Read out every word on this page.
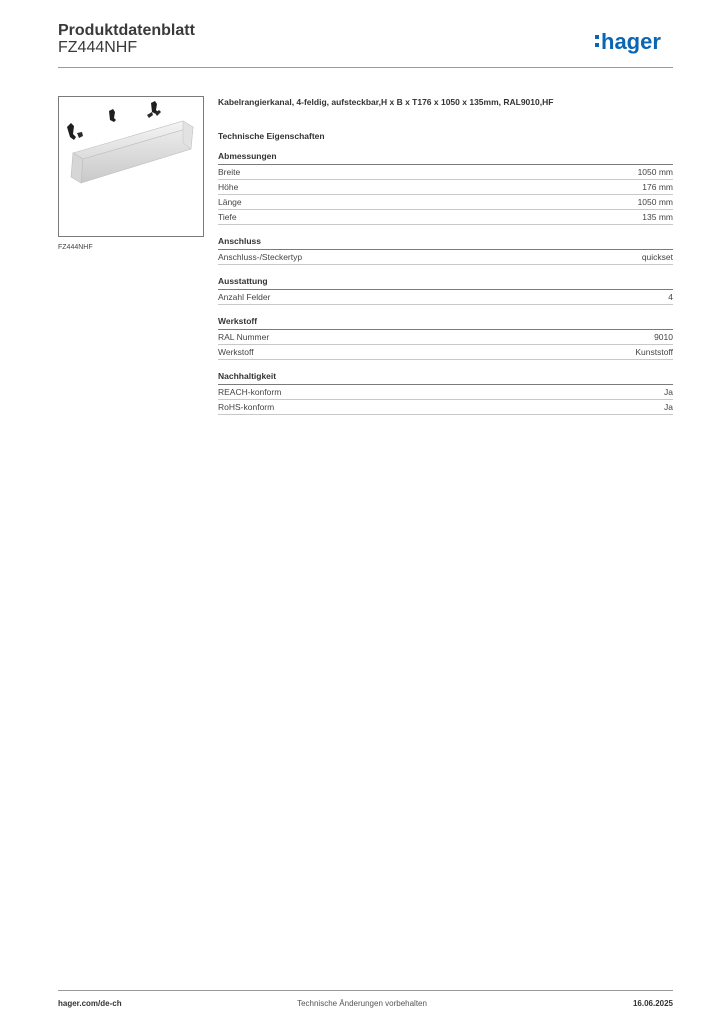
Produktdatenblatt
FZ444NHF	hager
FZ444NHF
Kabelrangierkanal, 4-feldig, aufsteckbar,H x B x T176 x 1050 x 135mm, RAL9010,HF
Technische Eigenschaften
Abmessungen
Breite	1050 mm
Höhe	176 mm
Länge	1050 mm
Tiefe	135 mm
Anschluss
Anschluss-/Steckertyp	quickset
Ausstattung
Anzahl Felder	4
Werkstoff
RAL Nummer	9010
Werkstoff	Kunststoff
Nachhaltigkeit
REACH-konform	Ja
RoHS-konform	Ja
hager.com/de-ch	Technische Änderungen vorbehalten	16.06.2025
